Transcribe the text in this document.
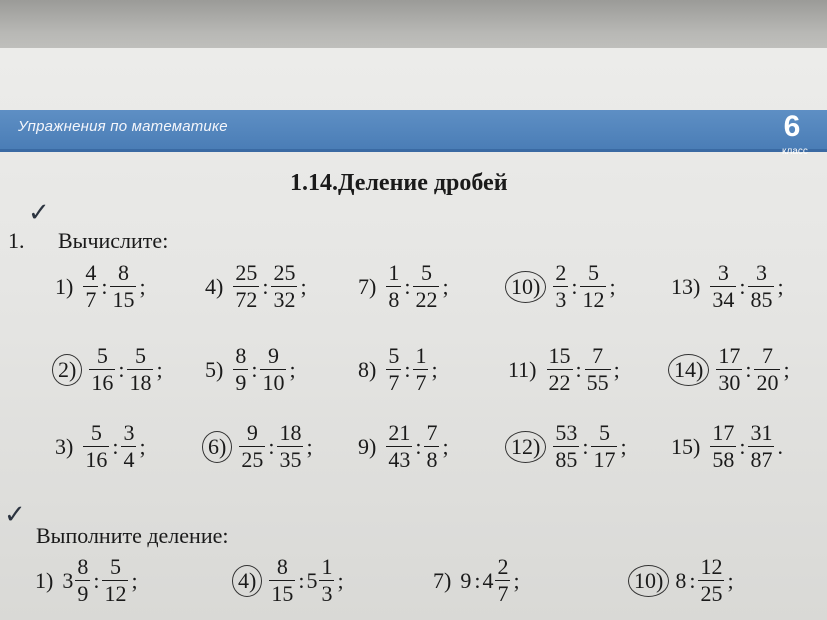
Упражнения по математике	6
класс
1.14.Деление дробей
✓
1. Вычислите:
$1) \frac{4}{7}$ : $\frac{8}{15}$ ;	$4) \frac{25}{72}$ : $\frac{25}{32}$ ; $7) \frac{1}{8}$ : $\frac{5}{22}$ ;	$10) \frac{2}{3}$ : $\frac{5}{12}$ ;	$13) \frac{3}{34}$ : $\frac{3}{85}$ ;
$2) \frac{5}{16}$ : $\frac{5}{18}$ ; $5) \frac{8}{9}$ : $\frac{9}{10}$ ;	$8) \frac{5}{7}$ : $\frac{1}{7}$ ;	$11) \frac{15}{22}$ : $\frac{7}{55}$ ; $14) \frac{17}{30}$ : $\frac{7}{20}$ ;
$3) \frac{5}{16}$ : $\frac{3}{4}$ ;	$6) \frac{9}{25}$ : $\frac{18}{35}$ ; $9) \frac{21}{43}$ : $\frac{7}{8}$ ;	$12) \frac{53}{85}$ : $\frac{5}{17}$ ; $15) \frac{17}{58}$ : $\frac{31}{87}$ .
✓
Выполните деление:
1) $3 \frac{8}{9}$ : $\frac{5}{12}$ ;	$4) \frac{8}{15}$ : $5 \frac{1}{3}$ ;	7) 9 : $4 \frac{2}{7}$ ;	10) 8 : $\frac{12}{25}$ ;
